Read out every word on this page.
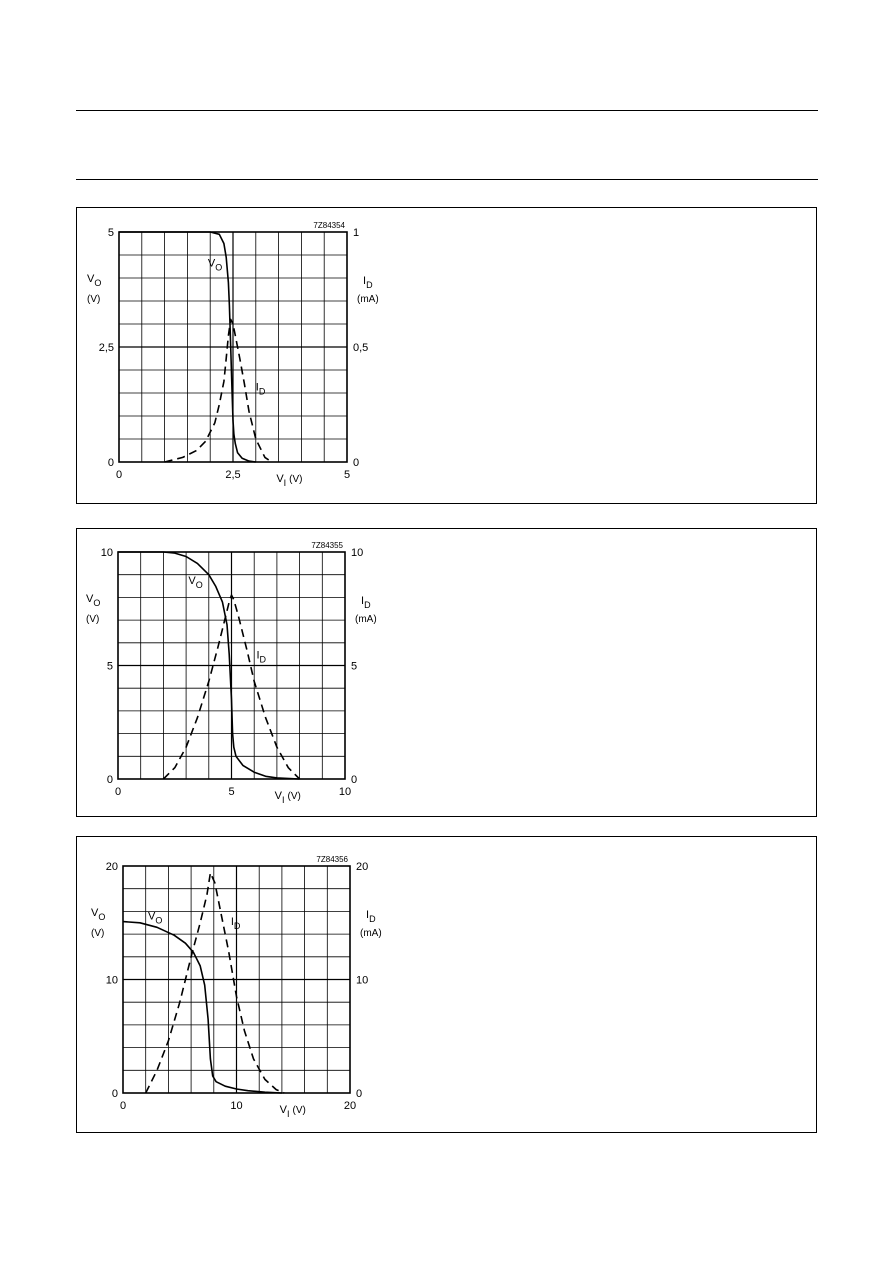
0	2,5	5
0
2,5
5
0
0,5
1
7Z84354
$V_O$
(V)
$I_D$
(mA)
$V_I$ (V)
$V_O$
$I_D$
0	5	10
0
5
10
0
5
10
7Z84355
$V_O$
(V)
$I_D$
(mA)
$V_I$ (V)
$V_O$
$I_D$
0	10	20
0
10
20
0
10
20
7Z84356
$V_O$
(V)
$I_D$
(mA)
$V_I$ (V)
$V_O$	$I_D$
